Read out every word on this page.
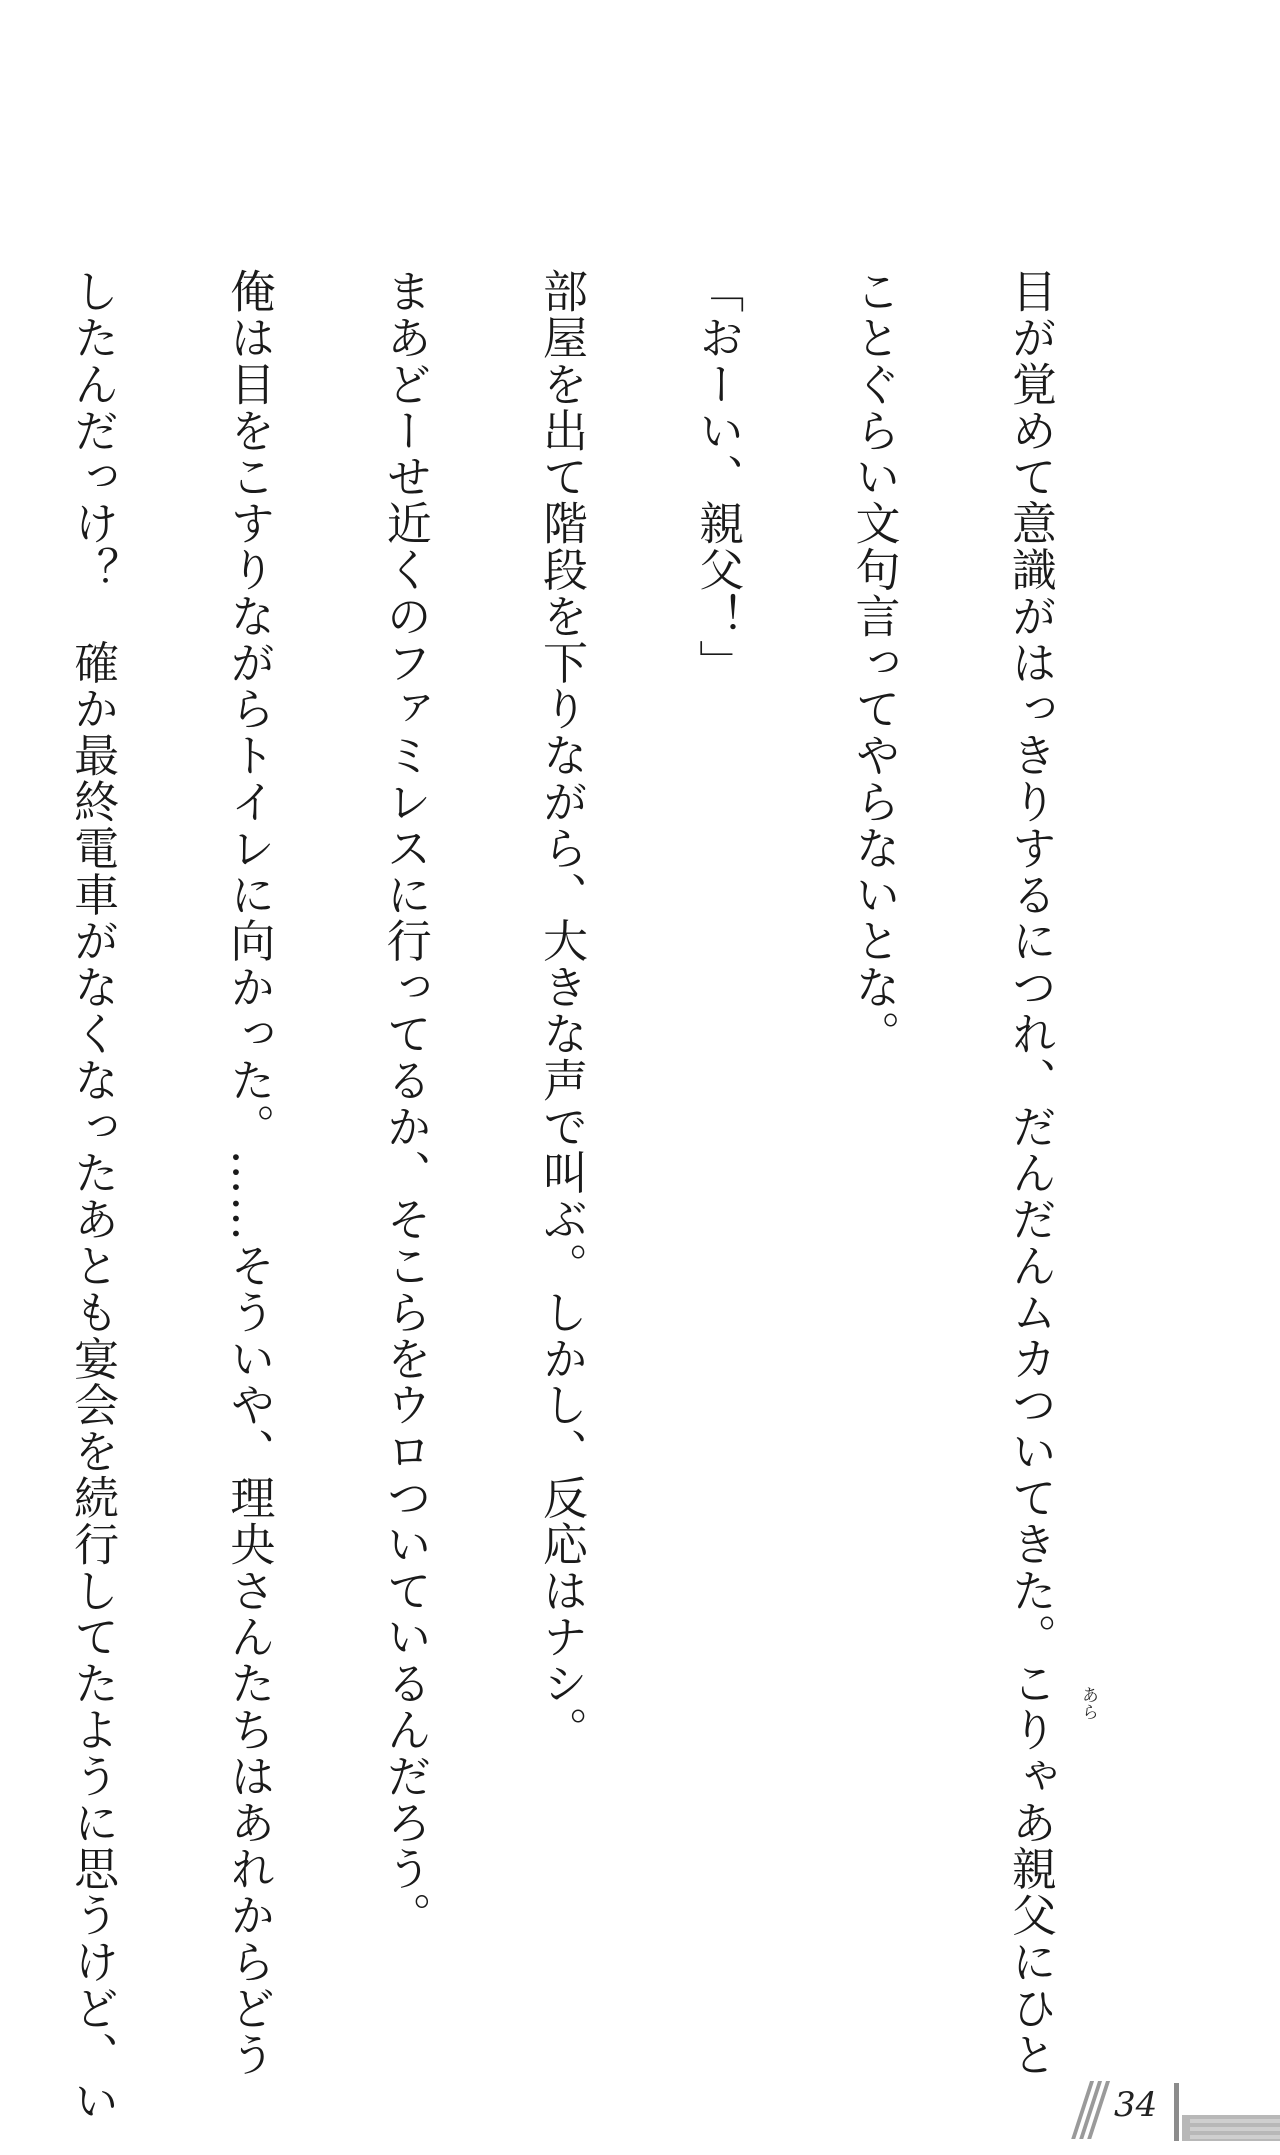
目が覚めて意識がはっきりするにつれ、だんだんムカついてきた。こりゃあ親父にひと

ことぐらい文句言ってやらないとな。

「おーい、親父！」

部屋を出て階段を下りながら、大きな声で叫ぶ。しかし、反応はナシ。

まあどーせ近くのファミレスに行ってるか、そこらをウロついているんだろう。

俺は目をこすりながらトイレに向かった。……そういや、理央さんたちはあれからどう

したんだっけ？　確か最終電車がなくなったあとも宴会を続行してたように思うけど、い

	あら
34
